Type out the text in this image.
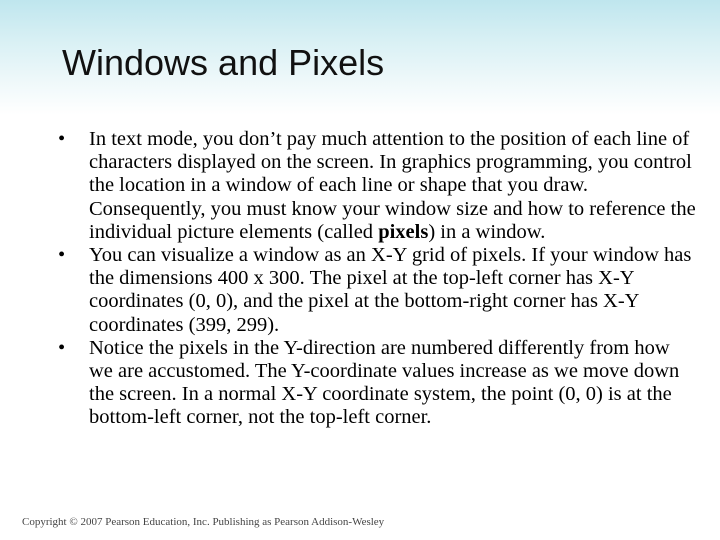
Windows and Pixels
• In text mode, you don’t pay much attention to the position of each line of characters displayed on the screen. In graphics programming, you control the location in a window of each line or shape that you draw. Consequently, you must know your window size and how to reference the individual picture elements (called pixels) in a window.
• You can visualize a window as an X-Y grid of pixels. If your window has the dimensions 400 x 300. The pixel at the top-left corner has X-Y coordinates (0, 0), and the pixel at the bottom-right corner has X-Y coordinates (399, 299).
• Notice the pixels in the Y-direction are numbered differently from how we are accustomed. The Y-coordinate values increase as we move down the screen. In a normal X-Y coordinate system, the point (0, 0) is at the bottom-left corner, not the top-left corner.
Copyright © 2007 Pearson Education, Inc. Publishing as Pearson Addison-Wesley
